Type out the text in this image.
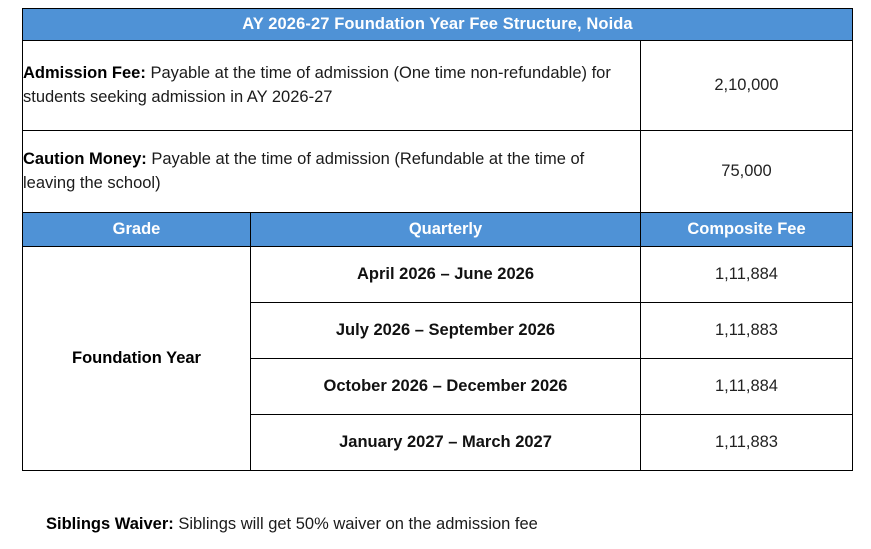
AY 2026-27 Foundation Year Fee Structure, Noida		
Admission Fee: Payable at the time of admission (One time non-refundable) for students seeking admission in AY 2026-27		2,10,000
Caution Money: Payable at the time of admission (Refundable at the time of leaving the school)		75,000
Grade	Quarterly	Composite Fee
Foundation Year	April 2026 – June 2026	1,11,884
	July 2026 – September 2026	1,11,883
	October 2026 – December 2026	1,11,884
	January 2027 – March 2027	1,11,883
Siblings Waiver: Siblings will get 50% waiver on the admission fee
